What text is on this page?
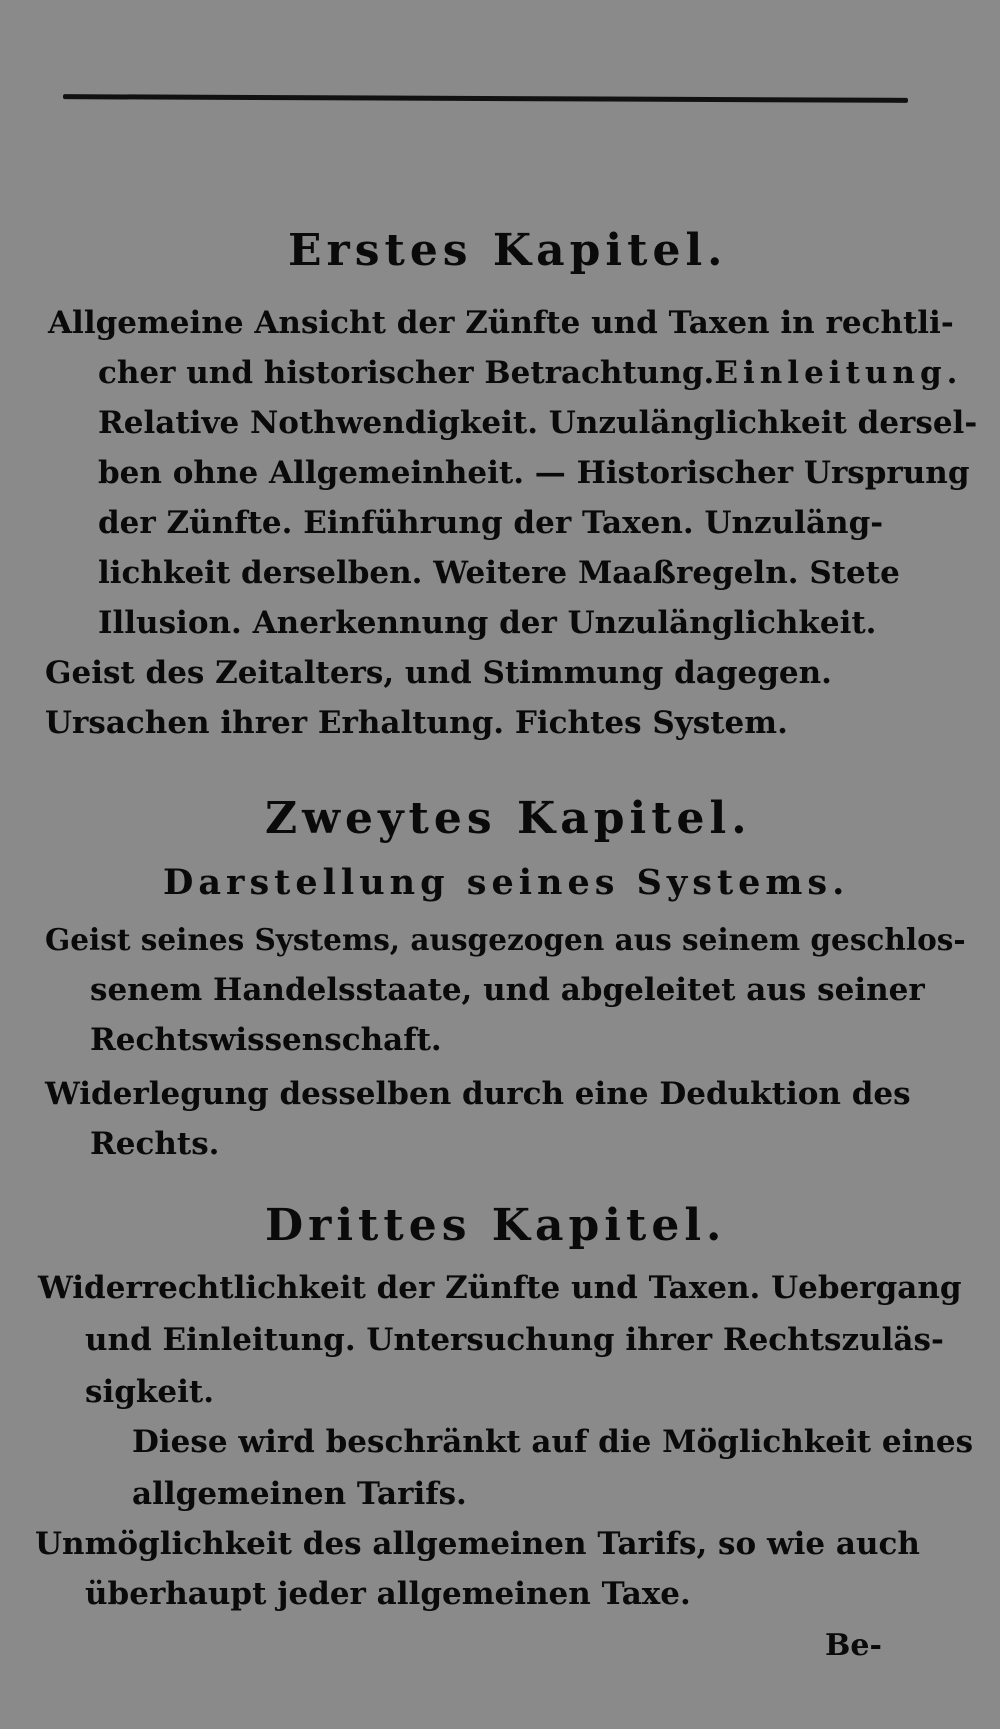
Erstes Kapitel.
Allgemeine Ansicht der Zünfte und Taxen in rechtli-
cher und historischer Betrachtung. Einleitung.
Relative Nothwendigkeit. Unzulänglichkeit dersel-
ben ohne Allgemeinheit. — Historischer Ursprung
der Zünfte. Einführung der Taxen. Unzuläng-
lichkeit derselben. Weitere Maaßregeln. Stete
Illusion. Anerkennung der Unzulänglichkeit.
Geist des Zeitalters, und Stimmung dagegen.
Ursachen ihrer Erhaltung. Fichtes System.
Zweytes Kapitel.
Darstellung seines Systems.
Geist seines Systems, ausgezogen aus seinem geschlos-
senem Handelsstaate, und abgeleitet aus seiner
Rechtswissenschaft.
Widerlegung desselben durch eine Deduktion des
Rechts.
Drittes Kapitel.
Widerrechtlichkeit der Zünfte und Taxen. Uebergang
und Einleitung. Untersuchung ihrer Rechtszuläs-
sigkeit.
Diese wird beschränkt auf die Möglichkeit eines
allgemeinen Tarifs.
Unmöglichkeit des allgemeinen Tarifs, so wie auch
überhaupt jeder allgemeinen Taxe.
Be-
